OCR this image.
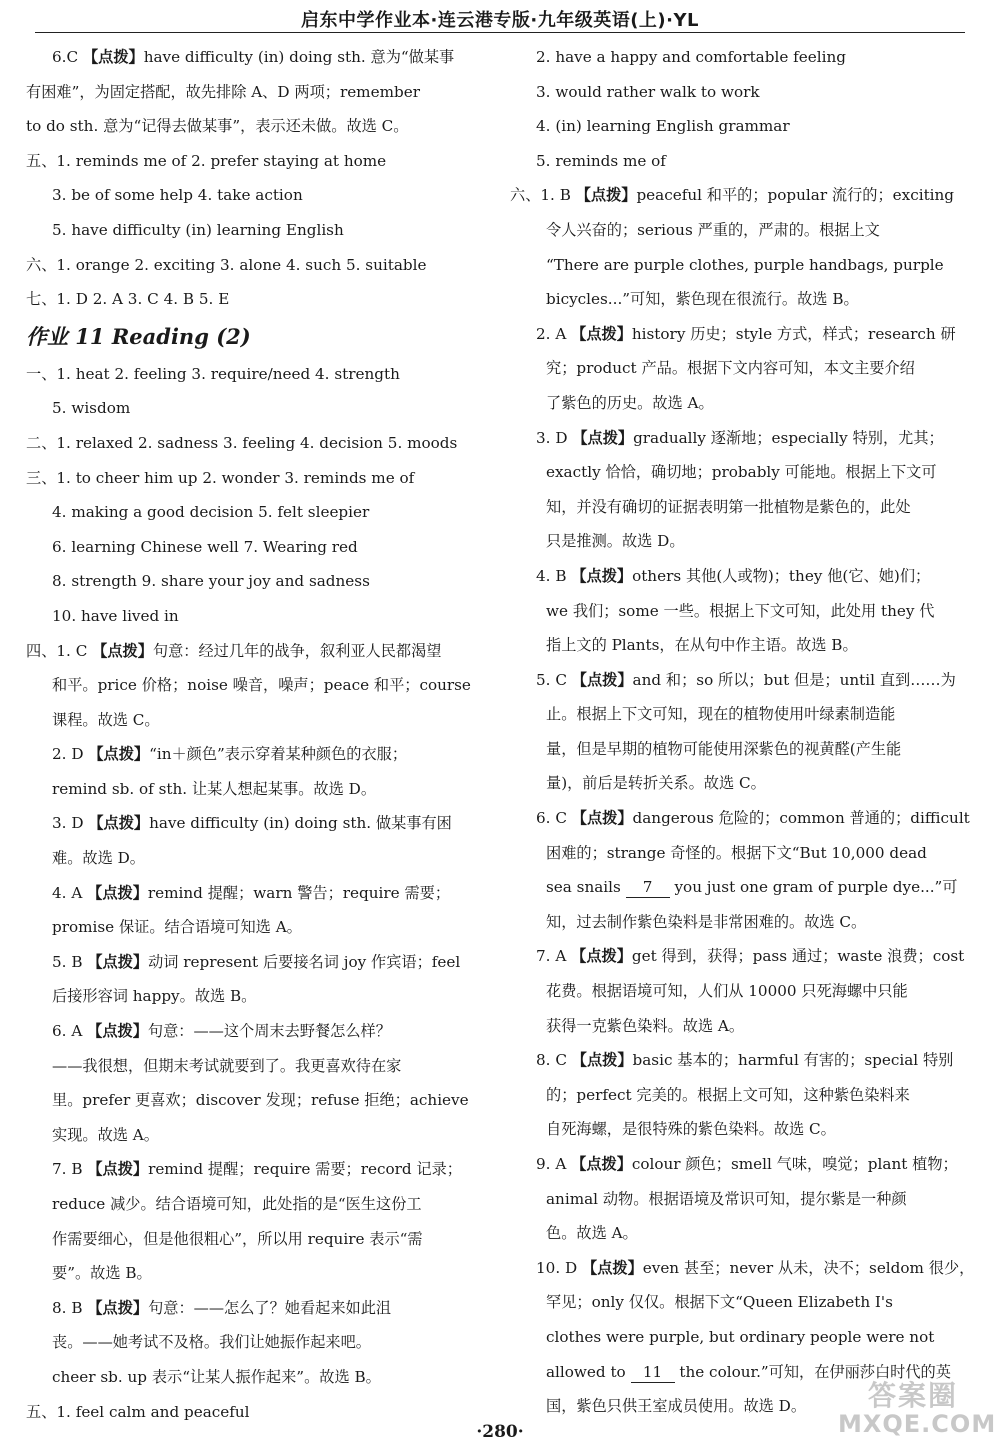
启东中学作业本·连云港专版·九年级英语(上)·YL
6.C 【点拨】have difficulty (in) doing sth. 意为“做某事
有困难”，为固定搭配，故先排除 A、D 两项；remember
to do sth. 意为“记得去做某事”，表示还未做。故选 C。
五、1. reminds me of 2. prefer staying at home
3. be of some help 4. take action
5. have difficulty (in) learning English
六、1. orange 2. exciting 3. alone 4. such 5. suitable
七、1. D 2. A 3. C 4. B 5. E
作业 11 Reading (2)
一、1. heat 2. feeling 3. require/need 4. strength
5. wisdom
二、1. relaxed 2. sadness 3. feeling 4. decision 5. moods
三、1. to cheer him up 2. wonder 3. reminds me of
4. making a good decision 5. felt sleepier
6. learning Chinese well 7. Wearing red
8. strength 9. share your joy and sadness
10. have lived in
四、1. C 【点拨】句意：经过几年的战争，叙利亚人民都渴望
和平。price 价格；noise 噪音，噪声；peace 和平；course
课程。故选 C。
2. D 【点拨】“in＋颜色”表示穿着某种颜色的衣服；
remind sb. of sth. 让某人想起某事。故选 D。
3. D 【点拨】have difficulty (in) doing sth. 做某事有困
难。故选 D。
4. A 【点拨】remind 提醒；warn 警告；require 需要；
promise 保证。结合语境可知选 A。
5. B 【点拨】动词 represent 后要接名词 joy 作宾语；feel
后接形容词 happy。故选 B。
6. A 【点拨】句意：——这个周末去野餐怎么样？
——我很想，但期末考试就要到了。我更喜欢待在家
里。prefer 更喜欢；discover 发现；refuse 拒绝；achieve
实现。故选 A。
7. B 【点拨】remind 提醒；require 需要；record 记录；
reduce 减少。结合语境可知，此处指的是“医生这份工
作需要细心，但是他很粗心”，所以用 require 表示“需
要”。故选 B。
8. B 【点拨】句意：——怎么了？她看起来如此沮
丧。——她考试不及格。我们让她振作起来吧。
cheer sb. up 表示“让某人振作起来”。故选 B。
五、1. feel calm and peaceful
2. have a happy and comfortable feeling
3. would rather walk to work
4. (in) learning English grammar
5. reminds me of
六、1. B 【点拨】peaceful 和平的；popular 流行的；exciting
令人兴奋的；serious 严重的，严肃的。根据上文
“There are purple clothes, purple handbags, purple
bicycles...”可知，紫色现在很流行。故选 B。
2. A 【点拨】history 历史；style 方式，样式；research 研
究；product 产品。根据下文内容可知，本文主要介绍
了紫色的历史。故选 A。
3. D 【点拨】gradually 逐渐地；especially 特别，尤其；
exactly 恰恰，确切地；probably 可能地。根据上下文可
知，并没有确切的证据表明第一批植物是紫色的，此处
只是推测。故选 D。
4. B 【点拨】others 其他(人或物)；they 他(它、她)们；
we 我们；some 一些。根据上下文可知，此处用 they 代
指上文的 Plants，在从句中作主语。故选 B。
5. C 【点拨】and 和；so 所以；but 但是；until 直到……为
止。根据上下文可知，现在的植物使用叶绿素制造能
量，但是早期的植物可能使用深紫色的视黄醛(产生能
量)，前后是转折关系。故选 C。
6. C 【点拨】dangerous 危险的；common 普通的；difficult
困难的；strange 奇怪的。根据下文“But 10,000 dead
sea snails 7 you just one gram of purple dye...”可
知，过去制作紫色染料是非常困难的。故选 C。
7. A 【点拨】get 得到，获得；pass 通过；waste 浪费；cost
花费。根据语境可知，人们从 10000 只死海螺中只能
获得一克紫色染料。故选 A。
8. C 【点拨】basic 基本的；harmful 有害的；special 特别
的；perfect 完美的。根据上文可知，这种紫色染料来
自死海螺，是很特殊的紫色染料。故选 C。
9. A 【点拨】colour 颜色；smell 气味，嗅觉；plant 植物；
animal 动物。根据语境及常识可知，提尔紫是一种颜
色。故选 A。
10. D 【点拨】even 甚至；never 从未，决不；seldom 很少，
罕见；only 仅仅。根据下文“Queen Elizabeth I's
clothes were purple, but ordinary people were not
allowed to 11 the colour.”可知，在伊丽莎白时代的英
国，紫色只供王室成员使用。故选 D。
·280·
答案圈
MXQE.COM
